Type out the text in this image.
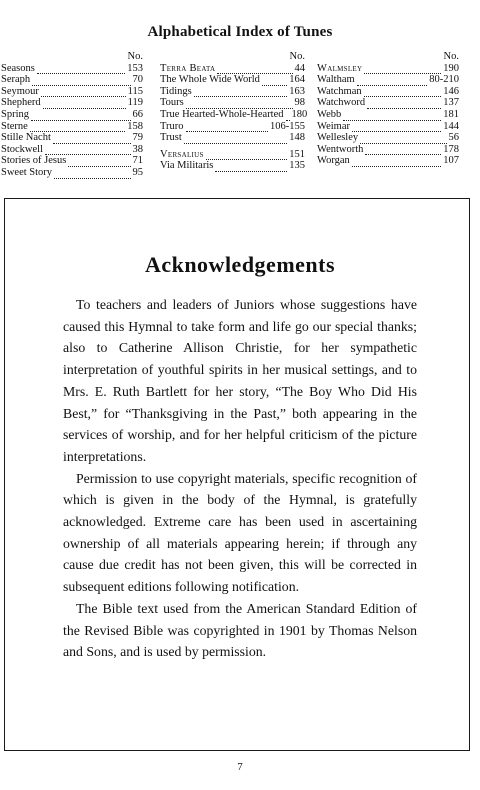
Alphabetical Index of Tunes
No.
Seasons	153
Seraph	70
Seymour	115
Shepherd	119
Spring	66
Sterne	158
Stille Nacht	79
Stockwell	38
Stories of Jesus	71
Sweet Story	95
No.
Terra Beata	44
The Whole Wide World	164
Tidings	163
Tours	98
True Hearted-Whole-Hearted 180
Truro	106-155
Trust	148
Versalius	151
Via Militaris	135
No.
Walmsley	190
Waltham	80-210
Watchman	146
Watchword	137
Webb	181
Weimar	144
Wellesley	56
Wentworth	178
Worgan	107
Acknowledgements

To teachers and leaders of Juniors whose suggestions have caused this Hymnal to take form and life go our special thanks; also to Catherine Allison Christie, for her sympathetic interpretation of youthful spirits in her musical settings, and to Mrs. E. Ruth Bartlett for her story, “The Boy Who Did His Best,” for “Thanksgiving in the Past,” both appearing in the services of worship, and for her helpful criticism of the picture interpretations.

Permission to use copyright materials, specific recognition of which is given in the body of the Hymnal, is gratefully acknowledged. Extreme care has been used in ascertaining ownership of all materials appearing herein; if through any cause due credit has not been given, this will be corrected in subsequent editions following notification.

The Bible text used from the American Standard Edition of the Revised Bible was copyrighted in 1901 by Thomas Nelson and Sons, and is used by permission.

7
